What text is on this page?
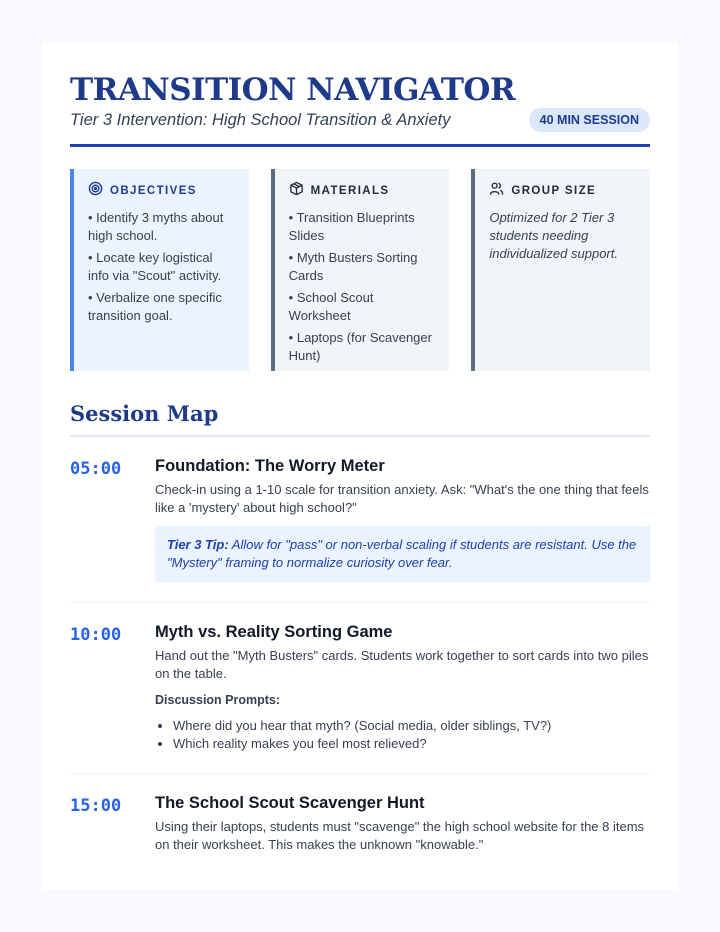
TRANSITION NAVIGATOR
Tier 3 Intervention: High School Transition & Anxiety	40 MIN SESSION
OBJECTIVES
• Identify 3 myths about high school.
• Locate key logistical info via "Scout" activity.
• Verbalize one specific transition goal.
MATERIALS
• Transition Blueprints Slides
• Myth Busters Sorting Cards
• School Scout Worksheet
• Laptops (for Scavenger Hunt)
GROUP SIZE
Optimized for 2 Tier 3 students needing individualized support.
Session Map
05:00	Foundation: The Worry Meter
Check-in using a 1-10 scale for transition anxiety. Ask: "What's the one thing that feels like a 'mystery' about high school?"
Tier 3 Tip: Allow for "pass" or non-verbal scaling if students are resistant. Use the "Mystery" framing to normalize curiosity over fear.
10:00	Myth vs. Reality Sorting Game
Hand out the "Myth Busters" cards. Students work together to sort cards into two piles on the table.
Discussion Prompts:
• Where did you hear that myth? (Social media, older siblings, TV?)
• Which reality makes you feel most relieved?
15:00	The School Scout Scavenger Hunt
Using their laptops, students must "scavenge" the high school website for the 8 items on their worksheet. This makes the unknown "knowable."
